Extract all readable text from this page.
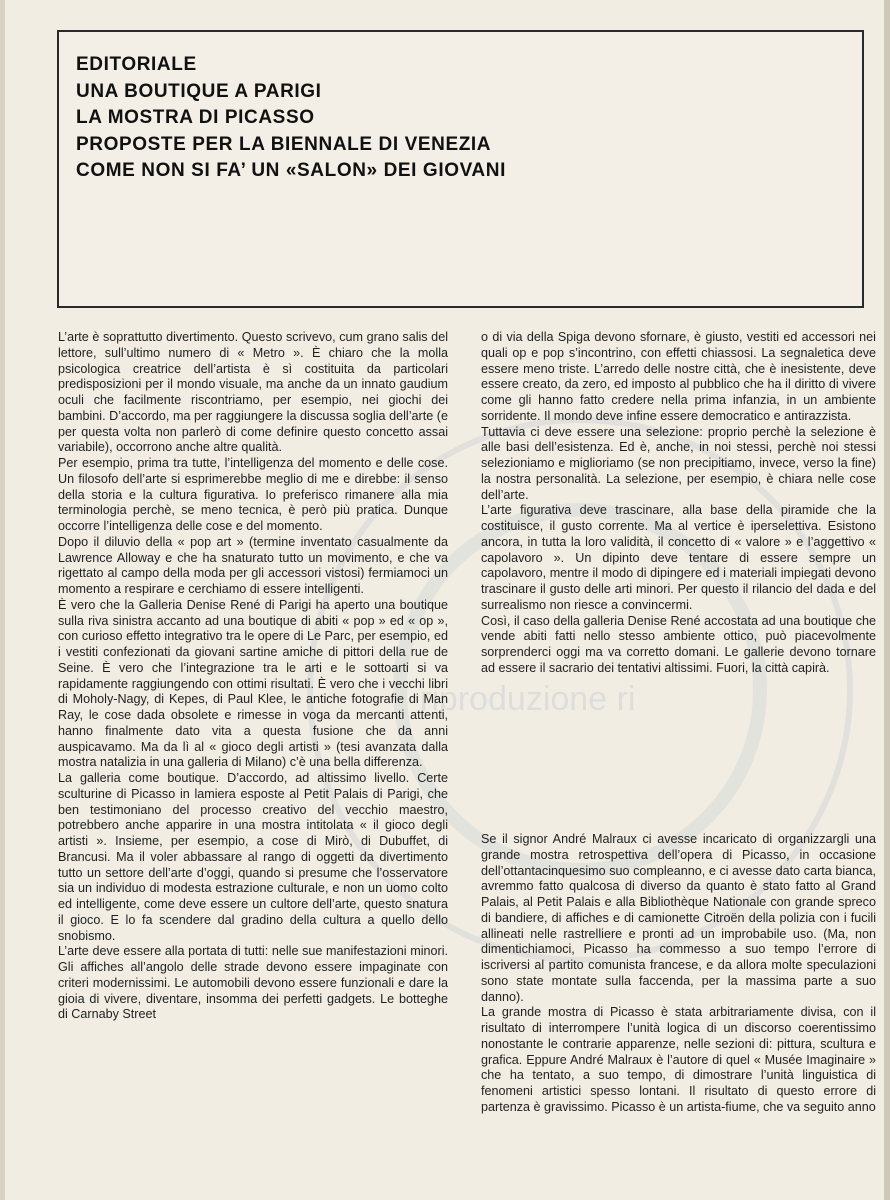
riproduzione ri
EDITORIALE
UNA BOUTIQUE A PARIGI
LA MOSTRA DI PICASSO
PROPOSTE PER LA BIENNALE DI VENEZIA
COME NON SI FA’ UN «SALON» DEI GIOVANI

L’arte è soprattutto divertimento. Questo scrivevo, cum grano salis del lettore, sull’ultimo numero di « Metro ». È chiaro che la molla psicologica creatrice dell’artista è sì costituita da particolari predisposizioni per il mondo visuale, ma anche da un innato gaudium oculi che facilmente riscontriamo, per esempio, nei giochi dei bambini. D’accordo, ma per raggiungere la discussa soglia dell’arte (e per questa volta non parlerò di come definire questo concetto assai variabile), occorrono anche altre qualità.

Per esempio, prima tra tutte, l’intelligenza del momento e delle cose. Un filosofo dell’arte si esprimerebbe meglio di me e direbbe: il senso della storia e la cultura figurativa. Io preferisco rimanere alla mia terminologia perchè, se meno tecnica, è però più pratica. Dunque occorre l’intelligenza delle cose e del momento.

Dopo il diluvio della « pop art » (termine inventato casualmente da Lawrence Alloway e che ha snaturato tutto un movimento, e che va rigettato al campo della moda per gli accessori vistosi) fermiamoci un momento a respirare e cerchiamo di essere intelligenti.

È vero che la Galleria Denise René di Parigi ha aperto una boutique sulla riva sinistra accanto ad una boutique di abiti « pop » ed « op », con curioso effetto integrativo tra le opere di Le Parc, per esempio, ed i vestiti confezionati da giovani sartine amiche di pittori della rue de Seine. È vero che l’integrazione tra le arti e le sottoarti si va rapidamente raggiungendo con ottimi risultati. È vero che i vecchi libri di Moholy-Nagy, di Kepes, di Paul Klee, le antiche fotografie di Man Ray, le cose dada obsolete e rimesse in voga da mercanti attenti, hanno finalmente dato vita a questa fusione che da anni auspicavamo. Ma da lì al « gioco degli artisti » (tesi avanzata dalla mostra natalizia in una galleria di Milano) c’è una bella differenza.

La galleria come boutique. D’accordo, ad altissimo livello. Certe sculturine di Picasso in lamiera esposte al Petit Palais di Parigi, che ben testimoniano del processo creativo del vecchio maestro, potrebbero anche apparire in una mostra intitolata « il gioco degli artisti ». Insieme, per esempio, a cose di Mirò, di Dubuffet, di Brancusi. Ma il voler abbassare al rango di oggetti da divertimento tutto un settore dell’arte d’oggi, quando si presume che l’osservatore sia un individuo di modesta estrazione culturale, e non un uomo colto ed intelligente, come deve essere un cultore dell’arte, questo snatura il gioco. E lo fa scendere dal gradino della cultura a quello dello snobismo.

L’arte deve essere alla portata di tutti: nelle sue manifestazioni minori. Gli affiches all’angolo delle strade devono essere impaginate con criteri modernissimi. Le automobili devono essere funzionali e dare la gioia di vivere, diventare, insomma dei perfetti gadgets. Le botteghe di Carnaby Street

o di via della Spiga devono sfornare, è giusto, vestiti ed accessori nei quali op e pop s’incontrino, con effetti chiassosi. La segnaletica deve essere meno triste. L’arredo delle nostre città, che è inesistente, deve essere creato, da zero, ed imposto al pubblico che ha il diritto di vivere come gli hanno fatto credere nella prima infanzia, in un ambiente sorridente. Il mondo deve infine essere democratico e antirazzista.

Tuttavia ci deve essere una selezione: proprio perchè la selezione è alle basi dell’esistenza. Ed è, anche, in noi stessi, perchè noi stessi selezioniamo e miglioriamo (se non precipitiamo, invece, verso la fine) la nostra personalità. La selezione, per esempio, è chiara nelle cose dell’arte.

L’arte figurativa deve trascinare, alla base della piramide che la costituisce, il gusto corrente. Ma al vertice è iperselettiva. Esistono ancora, in tutta la loro validità, il concetto di « valore » e l’aggettivo « capolavoro ». Un dipinto deve tentare di essere sempre un capolavoro, mentre il modo di dipingere ed i materiali impiegati devono trascinare il gusto delle arti minori. Per questo il rilancio del dada e del surrealismo non riesce a convincermi.

Così, il caso della galleria Denise René accostata ad una boutique che vende abiti fatti nello stesso ambiente ottico, può piacevolmente sorprenderci oggi ma va corretto domani. Le gallerie devono tornare ad essere il sacrario dei tentativi altissimi. Fuori, la città capirà.

Se il signor André Malraux ci avesse incaricato di organizzargli una grande mostra retrospettiva dell’opera di Picasso, in occasione dell’ottantacinquesimo suo compleanno, e ci avesse dato carta bianca, avremmo fatto qualcosa di diverso da quanto è stato fatto al Grand Palais, al Petit Palais e alla Bibliothèque Nationale con grande spreco di bandiere, di affiches e di camionette Citroën della polizia con i fucili allineati nelle rastrelliere e pronti ad un improbabile uso. (Ma, non dimentichiamoci, Picasso ha commesso a suo tempo l’errore di iscriversi al partito comunista francese, e da allora molte speculazioni sono state montate sulla faccenda, per la massima parte a suo danno).

La grande mostra di Picasso è stata arbitrariamente divisa, con il risultato di interrompere l’unità logica di un discorso coerentissimo nonostante le contrarie apparenze, nelle sezioni di: pittura, scultura e grafica. Eppure André Malraux è l’autore di quel « Musée Imaginaire » che ha tentato, a suo tempo, di dimostrare l’unità linguistica di fenomeni artistici spesso lontani. Il risultato di questo errore di partenza è gravissimo. Picasso è un artista-fiume, che va seguito anno
